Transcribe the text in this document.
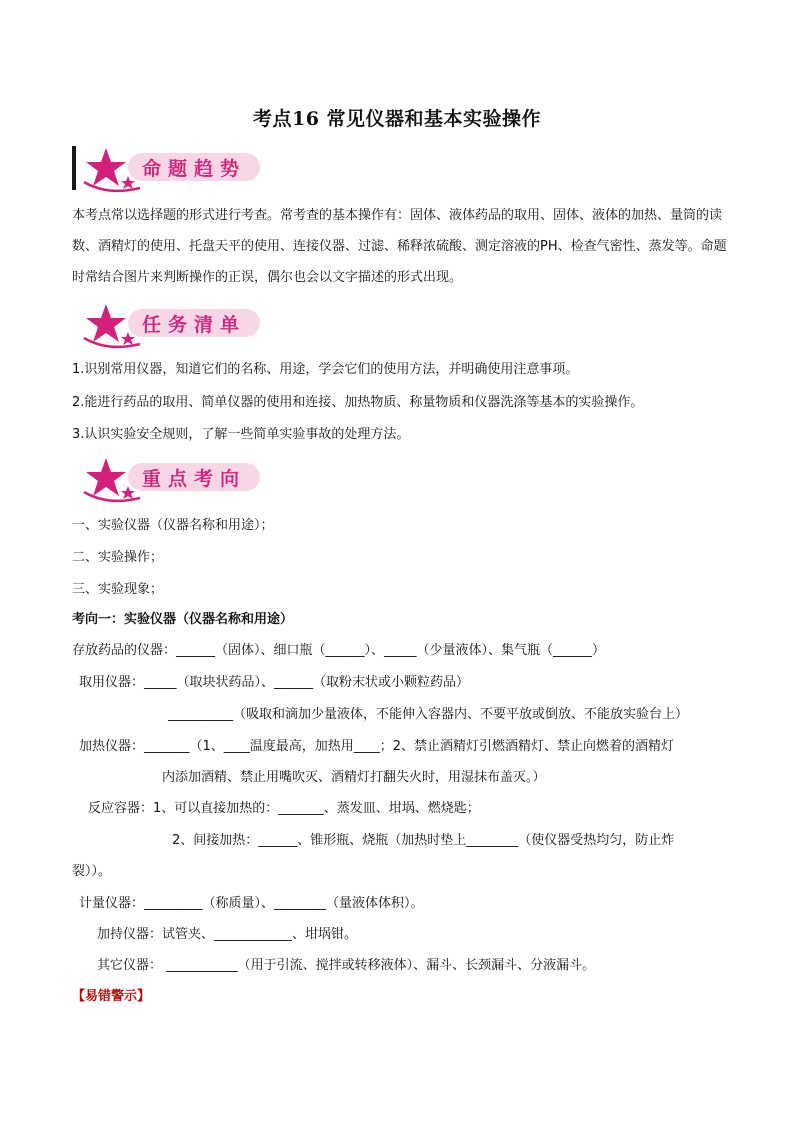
考点16 常见仪器和基本实验操作
命题趋势
本考点常以选择题的形式进行考查。常考查的基本操作有：固体、液体药品的取用、固体、液体的加热、量筒的读数、酒精灯的使用、托盘天平的使用、连接仪器、过滤、稀释浓硫酸、测定溶液的PH、检查气密性、蒸发等。命题时常结合图片来判断操作的正误，偶尔也会以文字描述的形式出现。
任务清单
1.识别常用仪器，知道它们的名称、用途，学会它们的使用方法，并明确使用注意事项。
2.能进行药品的取用、简单仪器的使用和连接、加热物质、称量物质和仪器洗涤等基本的实验操作。
3.认识实验安全规则，了解一些简单实验事故的处理方法。
重点考向
一、实验仪器（仪器名称和用途）；
二、实验操作；
三、实验现象；
考向一：实验仪器（仪器名称和用途）
存放药品的仪器：______（固体）、细口瓶（______）、_____（少量液体）、集气瓶（______）
取用仪器：_____（取块状药品）、______（取粉末状或小颗粒药品）
__________（吸取和滴加少量液体，不能伸入容器内、不要平放或倒放、不能放实验台上）
加热仪器：_______（1、____温度最高，加热用____；2、禁止酒精灯引燃酒精灯、禁止向燃着的酒精灯
内添加酒精、禁止用嘴吹灭、酒精灯打翻失火时，用湿抹布盖灭。）
反应容器：1、可以直接加热的：_______、蒸发皿、坩埚、燃烧匙；
2、间接加热：______、锥形瓶、烧瓶（加热时垫上________（使仪器受热均匀，防止炸
裂））。
计量仪器：_________（称质量）、________（量液体体积）。
加持仪器：试管夹、____________、坩埚钳。
其它仪器： ___________（用于引流、搅拌或转移液体）、漏斗、长颈漏斗、分液漏斗。
【易错警示】
